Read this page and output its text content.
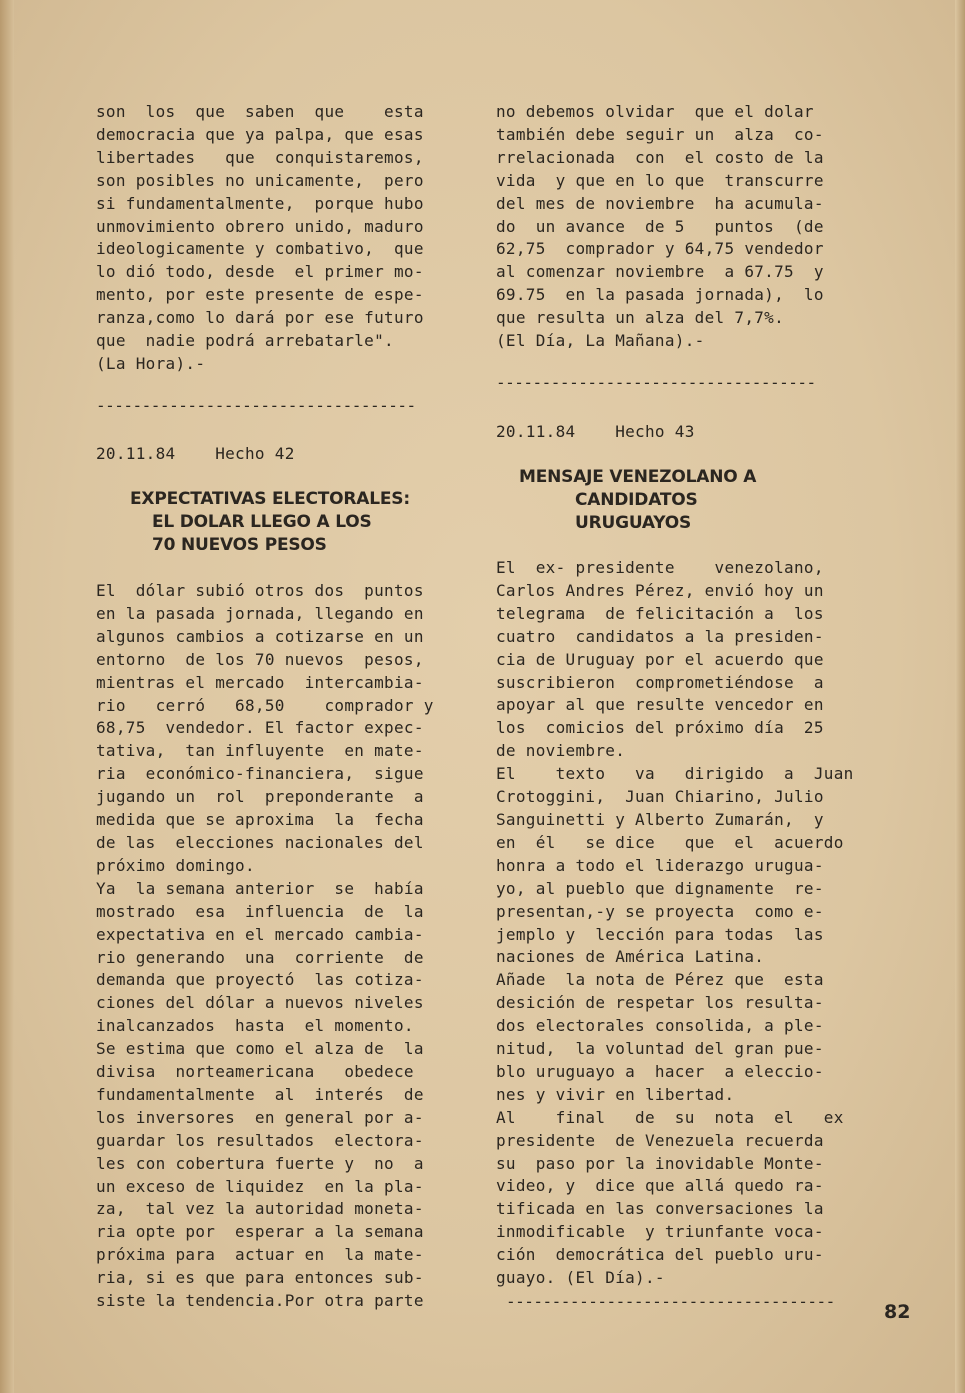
son  los  que  saben  que    esta

democracia que ya palpa, que esas

libertades   que  conquistaremos,

son posibles no unicamente,  pero

si fundamentalmente,  porque hubo

unmovimiento obrero unido, maduro

ideologicamente y combativo,  que

lo dió todo, desde  el primer mo-

mento, por este presente de espe-

ranza,como lo dará por ese futuro

que  nadie podrá arrebatarle".

(La Hora).-

-----------------------------------

20.11.84    Hecho 42

EXPECTATIVAS ELECTORALES:
EL DOLAR LLEGO A LOS
70 NUEVOS PESOS

El  dólar subió otros dos  puntos

en la pasada jornada, llegando en

algunos cambios a cotizarse en un

entorno  de los 70 nuevos  pesos,

mientras el mercado  intercambia-

rio   cerró   68,50    comprador y

68,75  vendedor. El factor expec-

tativa,  tan influyente  en mate-

ria  económico-financiera,  sigue

jugando un  rol  preponderante  a

medida que se aproxima  la  fecha

de las  elecciones nacionales del

próximo domingo.

Ya  la semana anterior  se  había

mostrado  esa  influencia  de  la

expectativa en el mercado cambia-

rio generando  una  corriente  de

demanda que proyectó  las cotiza-

ciones del dólar a nuevos niveles

inalcanzados  hasta  el momento.

Se estima que como el alza de  la

divisa  norteamericana   obedece

fundamentalmente  al  interés  de

los inversores  en general por a-

guardar los resultados  electora-

les con cobertura fuerte y  no  a

un exceso de liquidez  en la pla-

za,  tal vez la autoridad moneta-

ria opte por  esperar a la semana

próxima para  actuar en  la mate-

ria, si es que para entonces sub-

siste la tendencia.Por otra parte

no debemos olvidar  que el dolar

también debe seguir un  alza  co-

rrelacionada  con  el costo de la

vida  y que en lo que  transcurre

del mes de noviembre  ha acumula-

do  un avance  de 5   puntos  (de

62,75  comprador y 64,75 vendedor

al comenzar noviembre  a 67.75  y

69.75  en la pasada jornada),  lo

que resulta un alza del 7,7%.

(El Día, La Mañana).-

-----------------------------------

20.11.84    Hecho 43

MENSAJE VENEZOLANO A
CANDIDATOS
URUGUAYOS

El  ex- presidente    venezolano,

Carlos Andres Pérez, envió hoy un

telegrama  de felicitación a  los

cuatro  candidatos a la presiden-

cia de Uruguay por el acuerdo que

suscribieron  comprometiéndose  a

apoyar al que resulte vencedor en

los  comicios del próximo día  25

de noviembre.

El    texto   va   dirigido  a  Juan

Crotoggini,  Juan Chiarino, Julio

Sanguinetti y Alberto Zumarán,  y

en  él   se dice   que  el  acuerdo

honra a todo el liderazgo urugua-

yo, al pueblo que dignamente  re-

presentan,-y se proyecta  como e-

jemplo y  lección para todas  las

naciones de América Latina.

Añade  la nota de Pérez que  esta

desición de respetar los resulta-

dos electorales consolida, a ple-

nitud,  la voluntad del gran pue-

blo uruguayo a  hacer  a eleccio-

nes y vivir en libertad.

Al    final   de  su  nota  el   ex

presidente  de Venezuela recuerda

su  paso por la inovidable Monte-

video, y  dice que allá quedo ra-

tificada en las conversaciones la

inmodificable  y triunfante voca-

ción  democrática del pueblo uru-

guayo. (El Día).-

------------------------------------	82
